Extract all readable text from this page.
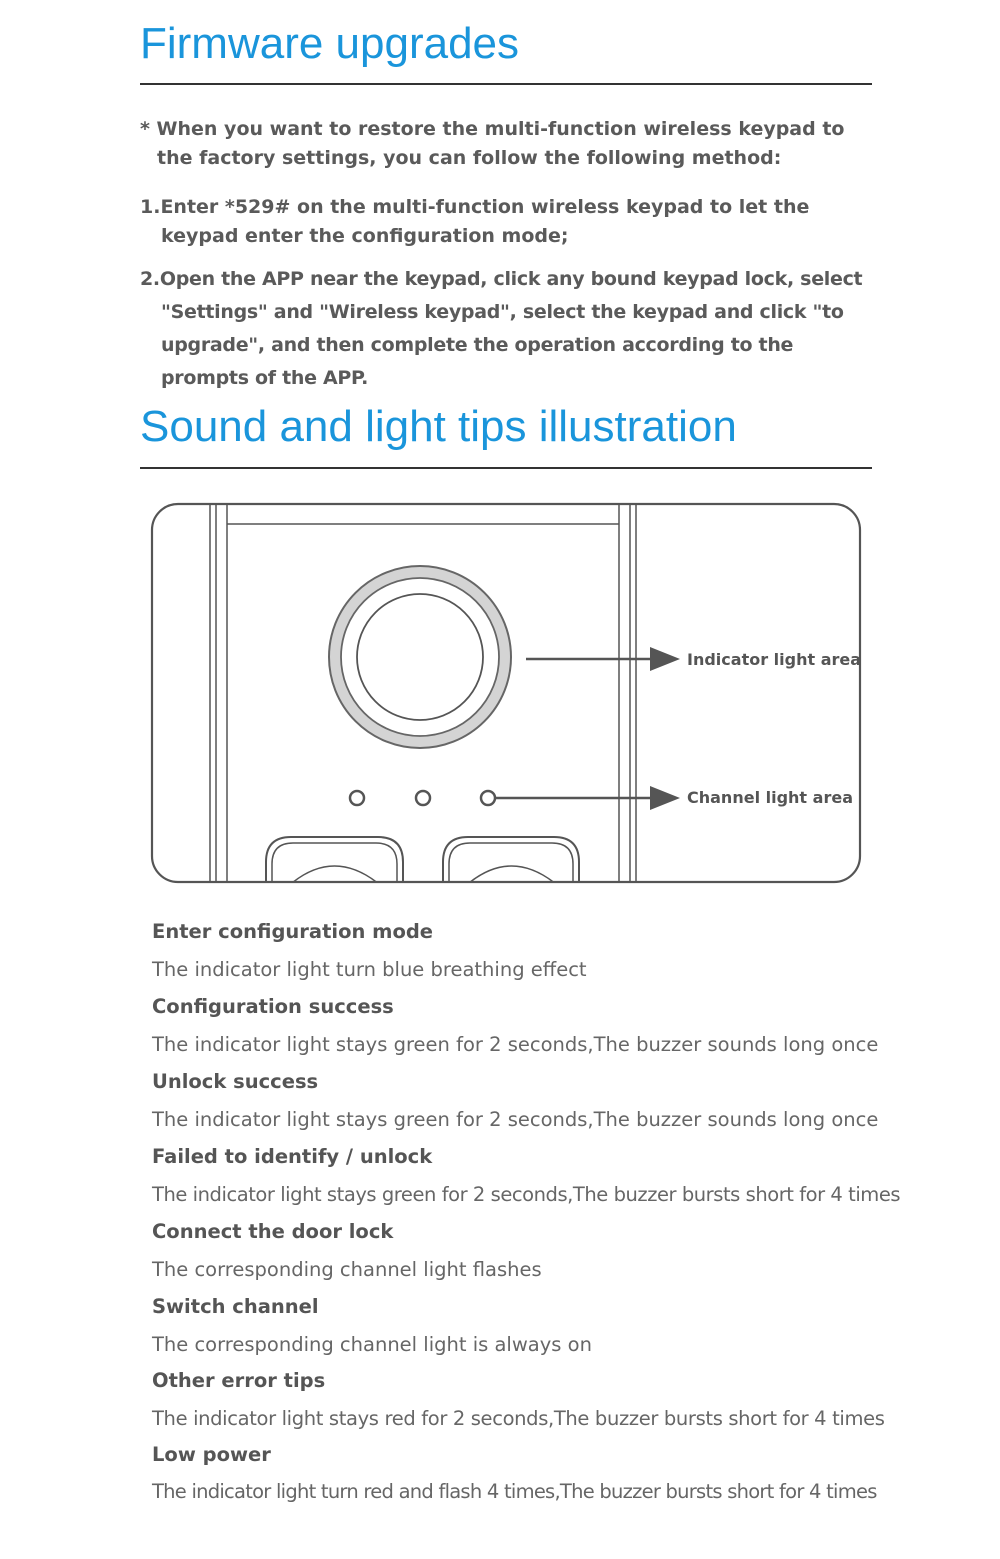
Firmware upgrades

* When you want to restore the multi-function wireless keypad to the factory settings, you can follow the following method:

1.Enter *529# on the multi-function wireless keypad to let the keypad enter the configuration mode;

2.Open the APP near the keypad, click any bound keypad lock, select "Settings" and "Wireless keypad", select the keypad and click "to upgrade", and then complete the operation according to the prompts of the APP.

Sound and light tips illustration
Indicator light area
Channel light area

Enter configuration mode

The indicator light turn blue breathing effect

Configuration success

The indicator light stays green for 2 seconds,The buzzer sounds long once

Unlock success

The indicator light stays green for 2 seconds,The buzzer sounds long once

Failed to identify / unlock

The indicator light stays green for 2 seconds,The buzzer bursts short for 4 times

Connect the door lock

The corresponding channel light flashes

Switch channel

The corresponding channel light is always on

Other error tips

The indicator light stays red for 2 seconds,The buzzer bursts short for 4 times

Low power

The indicator light turn red and flash 4 times,The buzzer bursts short for 4 times
